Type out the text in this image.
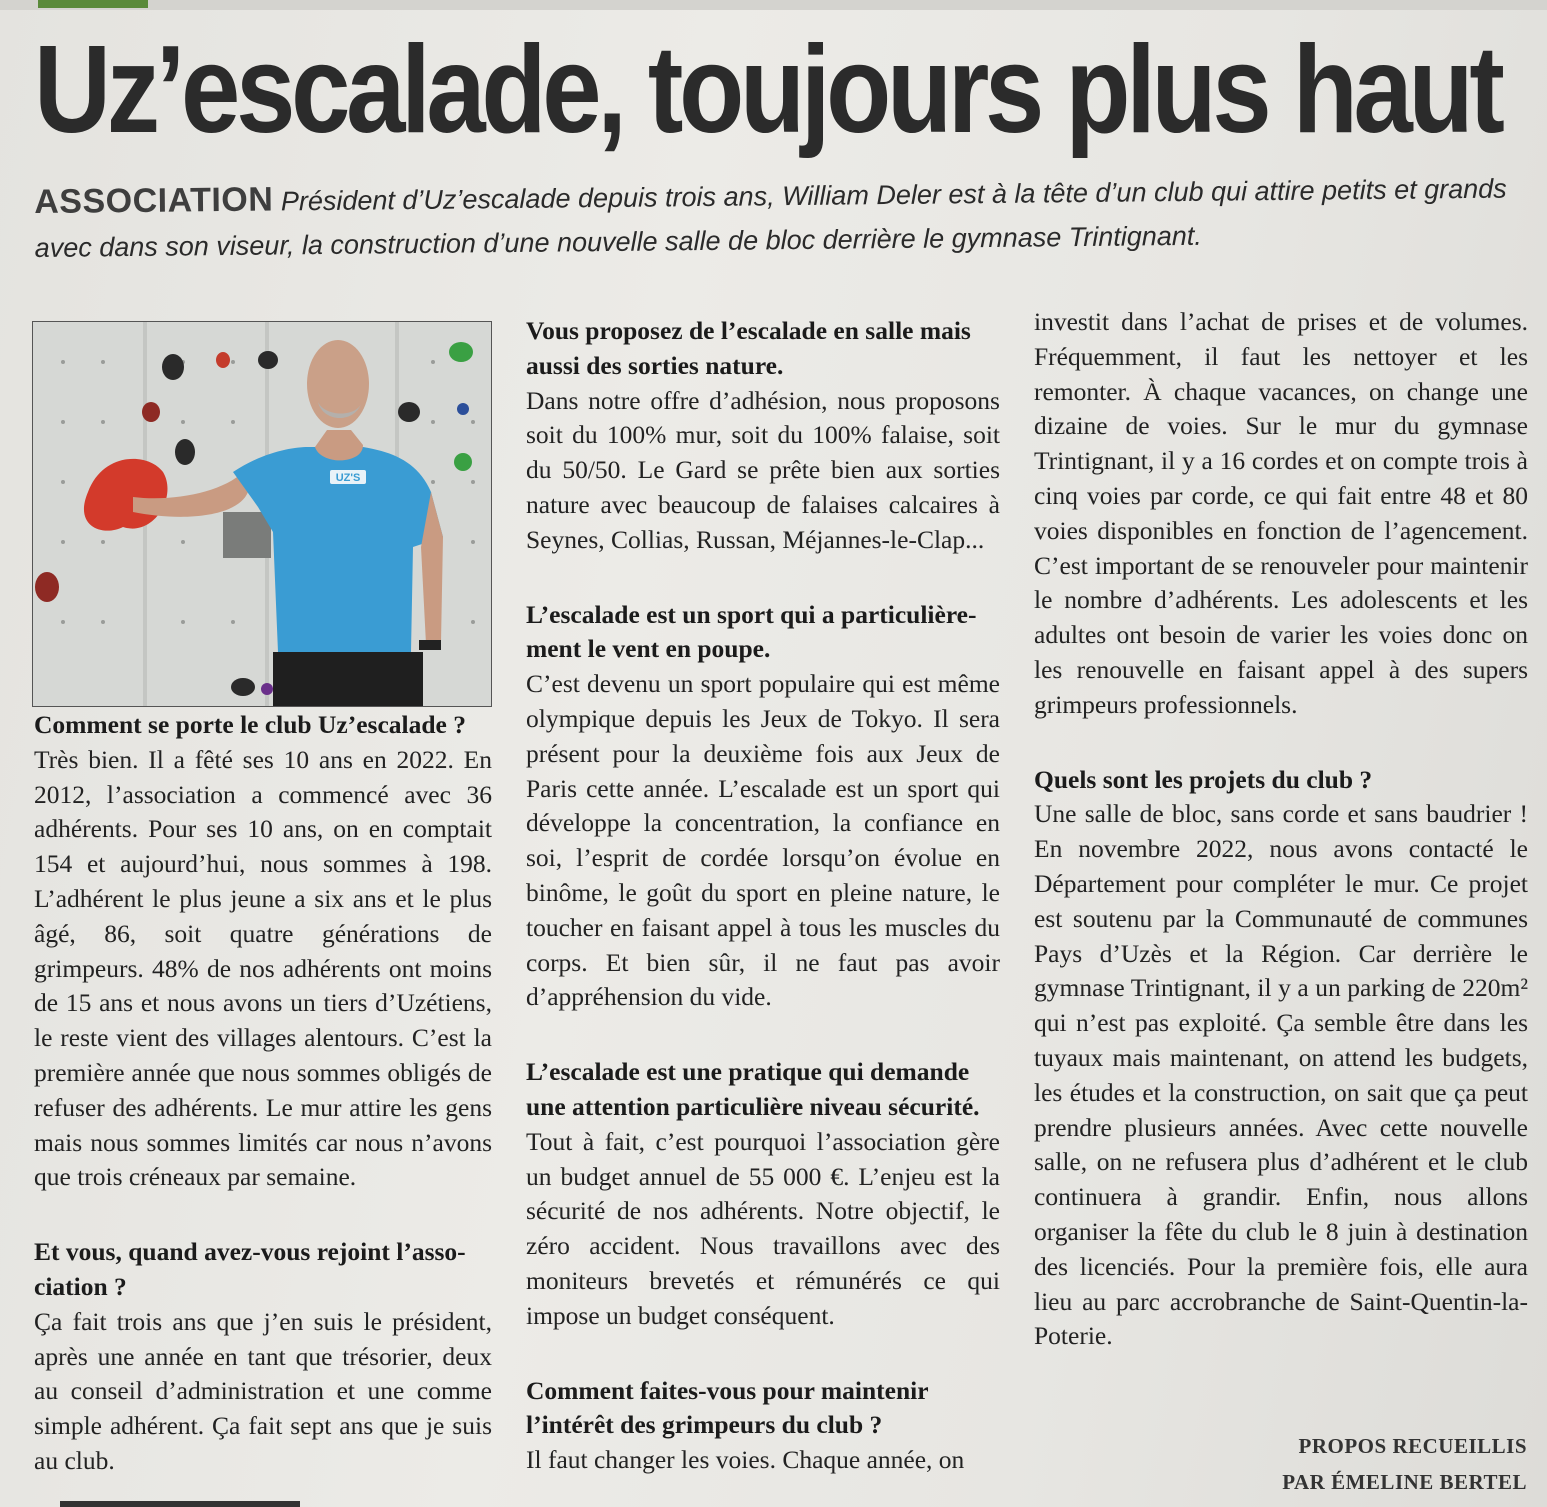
Uz’escalade, toujours plus haut

ASSOCIATION Président d’Uz’escalade depuis trois ans, William Deler est à la tête d’un club qui attire petits et grands avec dans son viseur, la construction d’une nouvelle salle de bloc derrière le gymnase Trintignant.

UZ'S

Comment se porte le club Uz’escalade ?

Très bien. Il a fêté ses 10 ans en 2022. En 2012, l’association a commencé avec 36 adhérents. Pour ses 10 ans, on en comptait 154 et aujourd’hui, nous sommes à 198. L’adhérent le plus jeune a six ans et le plus âgé, 86, soit quatre générations de grimpeurs. 48% de nos adhérents ont moins de 15 ans et nous avons un tiers d’Uzétiens, le reste vient des villages alentours. C’est la première année que nous sommes obligés de refuser des adhérents. Le mur attire les gens mais nous sommes limités car nous n’avons que trois créneaux par semaine.

Et vous, quand avez-vous rejoint l’association ?

Ça fait trois ans que j’en suis le président, après une année en tant que trésorier, deux au conseil d’administration et une comme simple adhérent. Ça fait sept ans que je suis au club.

Vous proposez de l’escalade en salle mais aussi des sorties nature.

Dans notre offre d’adhésion, nous proposons soit du 100% mur, soit du 100% falaise, soit du 50/50. Le Gard se prête bien aux sorties nature avec beaucoup de falaises calcaires à Seynes, Collias, Russan, Méjannes-le-Clap...

L’escalade est un sport qui a particulièrement le vent en poupe.

C’est devenu un sport populaire qui est même olympique depuis les Jeux de Tokyo. Il sera présent pour la deuxième fois aux Jeux de Paris cette année. L’escalade est un sport qui développe la concentration, la confiance en soi, l’esprit de cordée lorsqu’on évolue en binôme, le goût du sport en pleine nature, le toucher en faisant appel à tous les muscles du corps. Et bien sûr, il ne faut pas avoir d’appréhension du vide.

L’escalade est une pratique qui demande une attention particulière niveau sécurité.

Tout à fait, c’est pourquoi l’association gère un budget annuel de 55 000 €. L’enjeu est la sécurité de nos adhérents. Notre objectif, le zéro accident. Nous travaillons avec des moniteurs brevetés et rémunérés ce qui impose un budget conséquent.

Comment faites-vous pour maintenir l’intérêt des grimpeurs du club ?

Il faut changer les voies. Chaque année, on

investit dans l’achat de prises et de volumes. Fréquemment, il faut les nettoyer et les remonter. À chaque vacances, on change une dizaine de voies. Sur le mur du gymnase Trintignant, il y a 16 cordes et on compte trois à cinq voies par corde, ce qui fait entre 48 et 80 voies disponibles en fonction de l’agencement. C’est important de se renouveler pour maintenir le nombre d’adhérents. Les adolescents et les adultes ont besoin de varier les voies donc on les renouvelle en faisant appel à des supers grimpeurs professionnels.

Quels sont les projets du club ?

Une salle de bloc, sans corde et sans baudrier ! En novembre 2022, nous avons contacté le Département pour compléter le mur. Ce projet est soutenu par la Communauté de communes Pays d’Uzès et la Région. Car derrière le gymnase Trintignant, il y a un parking de 220m² qui n’est pas exploité. Ça semble être dans les tuyaux mais maintenant, on attend les budgets, les études et la construction, on sait que ça peut prendre plusieurs années. Avec cette nouvelle salle, on ne refusera plus d’adhérent et le club continuera à grandir. Enfin, nous allons organiser la fête du club le 8 juin à destination des licenciés. Pour la première fois, elle aura lieu au parc accrobranche de Saint-Quentin-la-Poterie.

PROPOS RECUEILLIS
PAR ÉMELINE BERTEL
